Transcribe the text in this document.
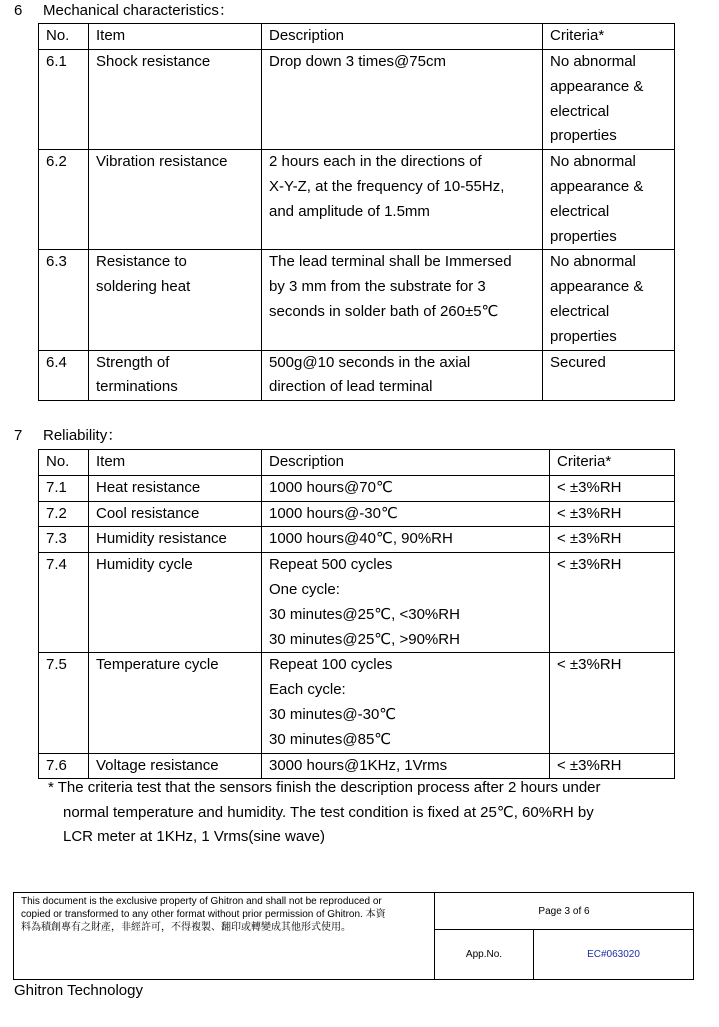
6 Mechanical characteristics：
No.	Item	Description	Criteria*
6.1	Shock resistance	Drop down 3 times@75cm	No abnormal
appearance &
electrical
properties

6.2	Vibration resistance	2 hours each in the directions of
X-Y-Z, at the frequency of 10-55Hz,
and amplitude of 1.5mm	No abnormal
appearance &
electrical
properties

6.3	Resistance to
soldering heat	The lead terminal shall be Immersed
by 3 mm from the substrate for 3
seconds in solder bath of 260±5℃	No abnormal
appearance &
electrical
properties

6.4	Strength of
terminations	500g@10 seconds in the axial
direction of lead terminal	Secured
7 Reliability：
No.	Item	Description	Criteria*
7.1	Heat resistance	1000 hours@70℃	< ±3%RH

7.2	Cool resistance	1000 hours@-30℃	< ±3%RH

7.3	Humidity resistance	1000 hours@40℃, 90%RH	< ±3%RH

7.4	Humidity cycle	Repeat 500 cycles
One cycle:
30 minutes@25℃, <30%RH
30 minutes@25℃, >90%RH	< ±3%RH

7.5	Temperature cycle	Repeat 100 cycles
Each cycle:
30 minutes@-30℃
30 minutes@85℃	< ±3%RH

7.6	Voltage resistance	3000 hours@1KHz, 1Vrms	< ±3%RH
* The criteria test that the sensors finish the description process after 2 hours under
normal temperature and humidity. The test condition is fixed at 25℃, 60%RH by
LCR meter at 1KHz, 1 Vrms(sine wave)
This document is the exclusive property of Ghitron and shall not be reproduced or
copied or transformed to any other format without prior permission of Ghitron. 本資
料為積創專有之財產，非經許可，不得複製、翻印或轉變成其他形式使用。
Page 3 of 6
App.No.	EC#063020
Ghitron Technology
